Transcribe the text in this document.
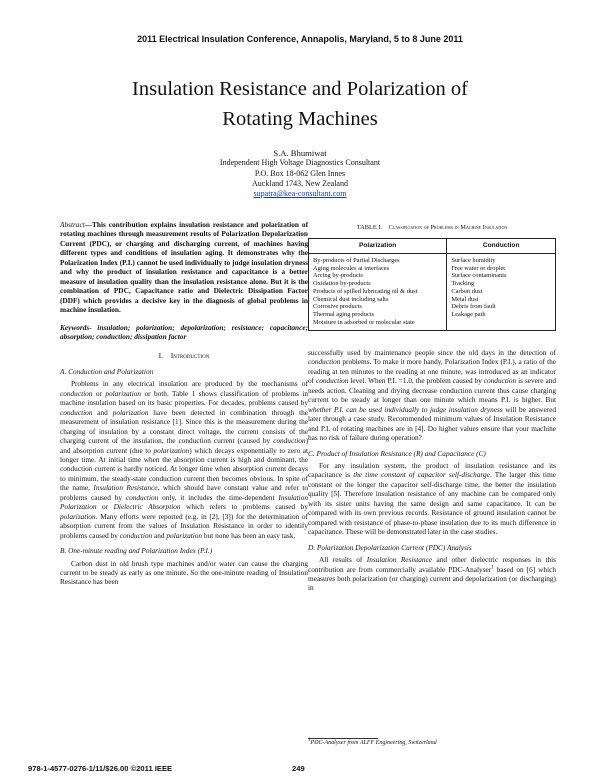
2011 Electrical Insulation Conference, Annapolis, Maryland, 5 to 8 June 2011
Insulation Resistance and Polarization of
Rotating Machines
S.A. Bhumiwat
Independent High Voltage Diagnostics Consultant
P.O. Box 18-062 Glen Innes
Auckland 1743, New Zealand
supatra@kea-consultant.com

Abstract—This contribution explains insulation resistance and polarization of rotating machines through measurement results of Polarization Depolarization Current (PDC), or charging and discharging current, of machines having different types and conditions of insulation aging. It demonstrates why the Polarization Index (P.I.) cannot be used individually to judge insulation dryness and why the product of insulation resistance and capacitance is a better measure of insulation quality than the insulation resistance alone. But it is the combination of PDC, Capacitance ratio and Dielectric Dissipation Factor (DDF) which provides a decisive key in the diagnosis of global problems in machine insulation.

Keywords- insulation; polarization; depolarization; resistance; capacitance; absorption; conduction; dissipation factor

I. Introduction
A. Conduction and Polarization

Problems in any electrical insulation are produced by the mechanisms of conduction or polarization or both. Table 1 shows classification of problems in machine insulation based on its basic properties. For decades, problems caused by conduction and polarization have been detected in combination through the measurement of insulation resistance [1]. Since this is the measurement during the charging of insulation by a constant direct voltage, the current consists of the charging current of the insulation, the conduction current (caused by conduction) and absorption current (due to polarization) which decays exponentially to zero at longer time. At initial time when the absorption current is high and dominant, the conduction current is hardly noticed. At longer time when absorption current decays to minimum, the steady-state conduction current then becomes obvious. In spite of the name, Insulation Resistance, which should have constant value and refer to problems caused by conduction only, it includes the time-dependent Insulation Polarization or Dielectric Absorption which refers to problems caused by polarization. Many efforts were reported (e.g. in [2], [3]) for the determination of absorption current from the values of Insulation Resistance in order to identify problems caused by conduction and polarization but none has been an easy task.

B. One-minute reading and Polarization Index (P.I.)

Carbon dust in old brush type machines and/or water can cause the charging current to be steady as early as one minute. So the one-minute reading of Insulation Resistance has been

TABLE I. Classification of Problems in Machine Insulation
Polarization	Conduction
By-products of Partial Discharges	Surface humidity
Aging molecules at interfaces	Free water or droplet
Arcing by-products	Surface contaminants
Oxidation by-products	Tracking
Products of spilled lubricating oil & dust	Carbon dust
Chemical dust including salts	Metal dust
Corrosive products	Debris from fault
Thermal aging products	Leakage path
Moisture in adsorbed or molecular state	

successfully used by maintenance people since the old days in the detection of conduction problems. To make it more handy, Polarization Index (P.I.), a ratio of the reading at ten minutes to the reading at one minute, was introduced as an indicator of conduction level. When P.I. =1.0, the problem caused by conduction is severe and needs action. Cleaning and drying decrease conduction current thus cause charging current to be steady at longer than one minute which means P.I. is higher. But whether P.I. can be used individually to judge insulation dryness will be answered later through a case study. Recommended minimum values of Insulation Resistance and P.I. of rotating machines are in [4]. Do higher values ensure that your machine has no risk of failure during operation?

C. Product of Insulation Resistance (R) and Capacitance (C)

For any insulation system, the product of insulation resistance and its capacitance is the time constant of capacitor self-discharge. The larger this time constant or the longer the capacitor self-discharge time, the better the insulation quality [5]. Therefore insulation resistance of any machine can be compared only with its sister units having the same design and same capacitance. It can be compared with its own previous records. Resistance of ground insulation cannot be compared with resistance of phase-to-phase insulation due to its much difference in capacitance. These will be demonstrated later in the case studies.

D. Polarization Depolarization Current (PDC) Analysis

All results of Insulation Resistance and other dielectric responses in this contribution are from commercially available PDC-Analyser$^1$ based on [6] which measures both polarization (or charging) current and depolarization (or discharging) in

$^1$PDC-Analyser from ALFF Engineering, Switzerland
978-1-4577-0276-1/11/$26.00 ©2011 IEEE	249
